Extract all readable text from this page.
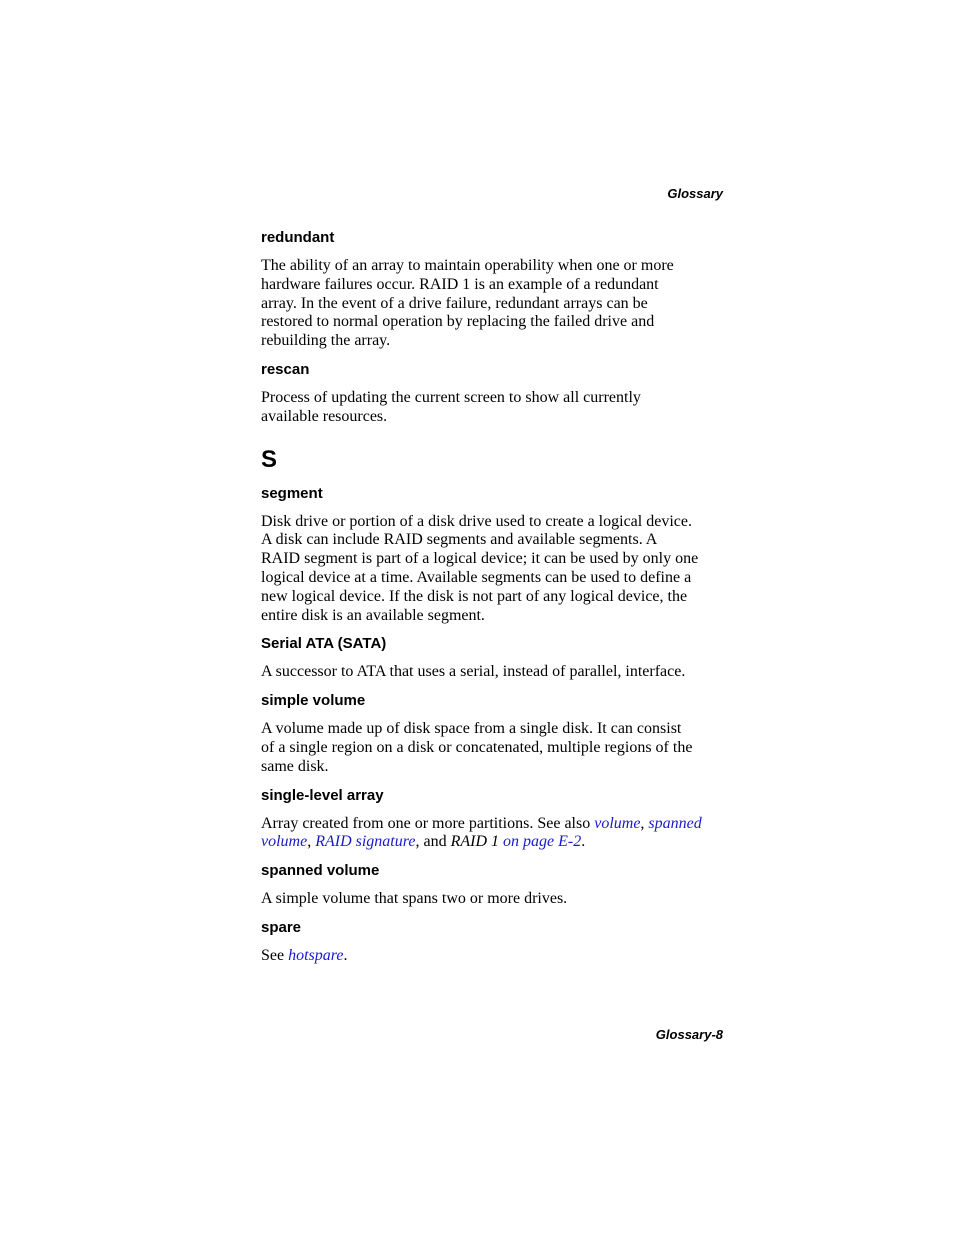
Glossary
redundant
The ability of an array to maintain operability when one or more
hardware failures occur. RAID 1 is an example of a redundant
array. In the event of a drive failure, redundant arrays can be
restored to normal operation by replacing the failed drive and
rebuilding the array.
rescan
Process of updating the current screen to show all currently
available resources.
S
segment
Disk drive or portion of a disk drive used to create a logical device.
A disk can include RAID segments and available segments. A
RAID segment is part of a logical device; it can be used by only one
logical device at a time. Available segments can be used to define a
new logical device. If the disk is not part of any logical device, the
entire disk is an available segment.
Serial ATA (SATA)
A successor to ATA that uses a serial, instead of parallel, interface.
simple volume
A volume made up of disk space from a single disk. It can consist
of a single region on a disk or concatenated, multiple regions of the
same disk.
single-level array
Array created from one or more partitions. See also volume, spanned
volume, RAID signature, and RAID 1 on page E-2.
spanned volume
A simple volume that spans two or more drives.
spare
See hotspare.
Glossary-8
